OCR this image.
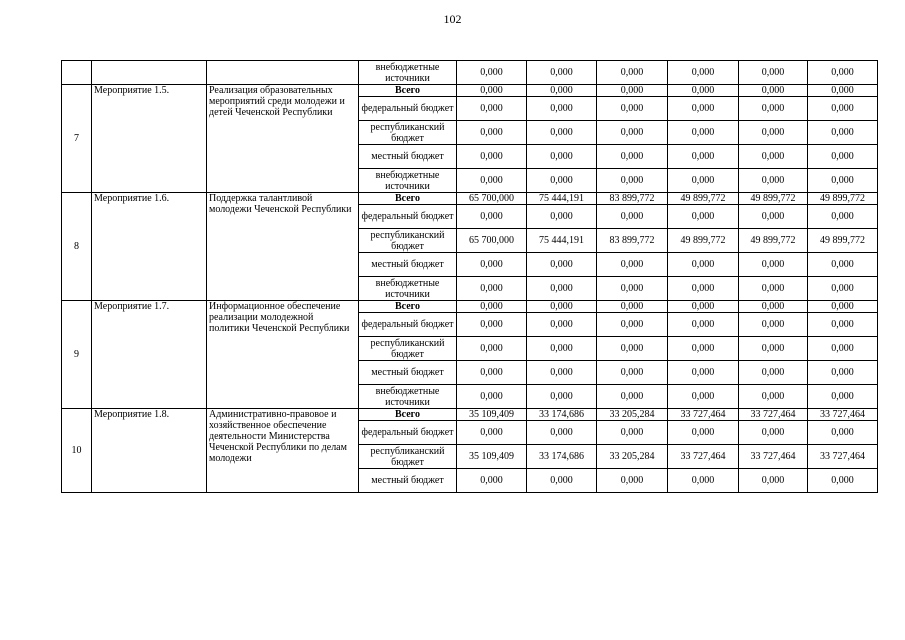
102
			внебюджетные источники	0,000	0,000	0,000	0,000	0,000	0,000
7	Мероприятие 1.5.	Реализация образовательных мероприятий среди молодежи и детей Чеченской Республики	Всего	0,000	0,000	0,000	0,000	0,000	0,000
			федеральный бюджет	0,000	0,000	0,000	0,000	0,000	0,000
			республиканский бюджет	0,000	0,000	0,000	0,000	0,000	0,000
			местный бюджет	0,000	0,000	0,000	0,000	0,000	0,000
			внебюджетные источники	0,000	0,000	0,000	0,000	0,000	0,000
8	Мероприятие 1.6.	Поддержка талантливой молодежи Чеченской Республики	Всего	65 700,000	75 444,191	83 899,772	49 899,772	49 899,772	49 899,772
			федеральный бюджет	0,000	0,000	0,000	0,000	0,000	0,000
			республиканский бюджет	65 700,000	75 444,191	83 899,772	49 899,772	49 899,772	49 899,772
			местный бюджет	0,000	0,000	0,000	0,000	0,000	0,000
			внебюджетные источники	0,000	0,000	0,000	0,000	0,000	0,000
9	Мероприятие 1.7.	Информационное обеспечение реализации молодежной политики Чеченской Республики	Всего	0,000	0,000	0,000	0,000	0,000	0,000
			федеральный бюджет	0,000	0,000	0,000	0,000	0,000	0,000
			республиканский бюджет	0,000	0,000	0,000	0,000	0,000	0,000
			местный бюджет	0,000	0,000	0,000	0,000	0,000	0,000
			внебюджетные источники	0,000	0,000	0,000	0,000	0,000	0,000
10	Мероприятие 1.8.	Административно-правовое и хозяйственное обеспечение деятельности Министерства Чеченской Республики по делам молодежи	Всего	35 109,409	33 174,686	33 205,284	33 727,464	33 727,464	33 727,464
			федеральный бюджет	0,000	0,000	0,000	0,000	0,000	0,000
			республиканский бюджет	35 109,409	33 174,686	33 205,284	33 727,464	33 727,464	33 727,464
			местный бюджет	0,000	0,000	0,000	0,000	0,000	0,000
